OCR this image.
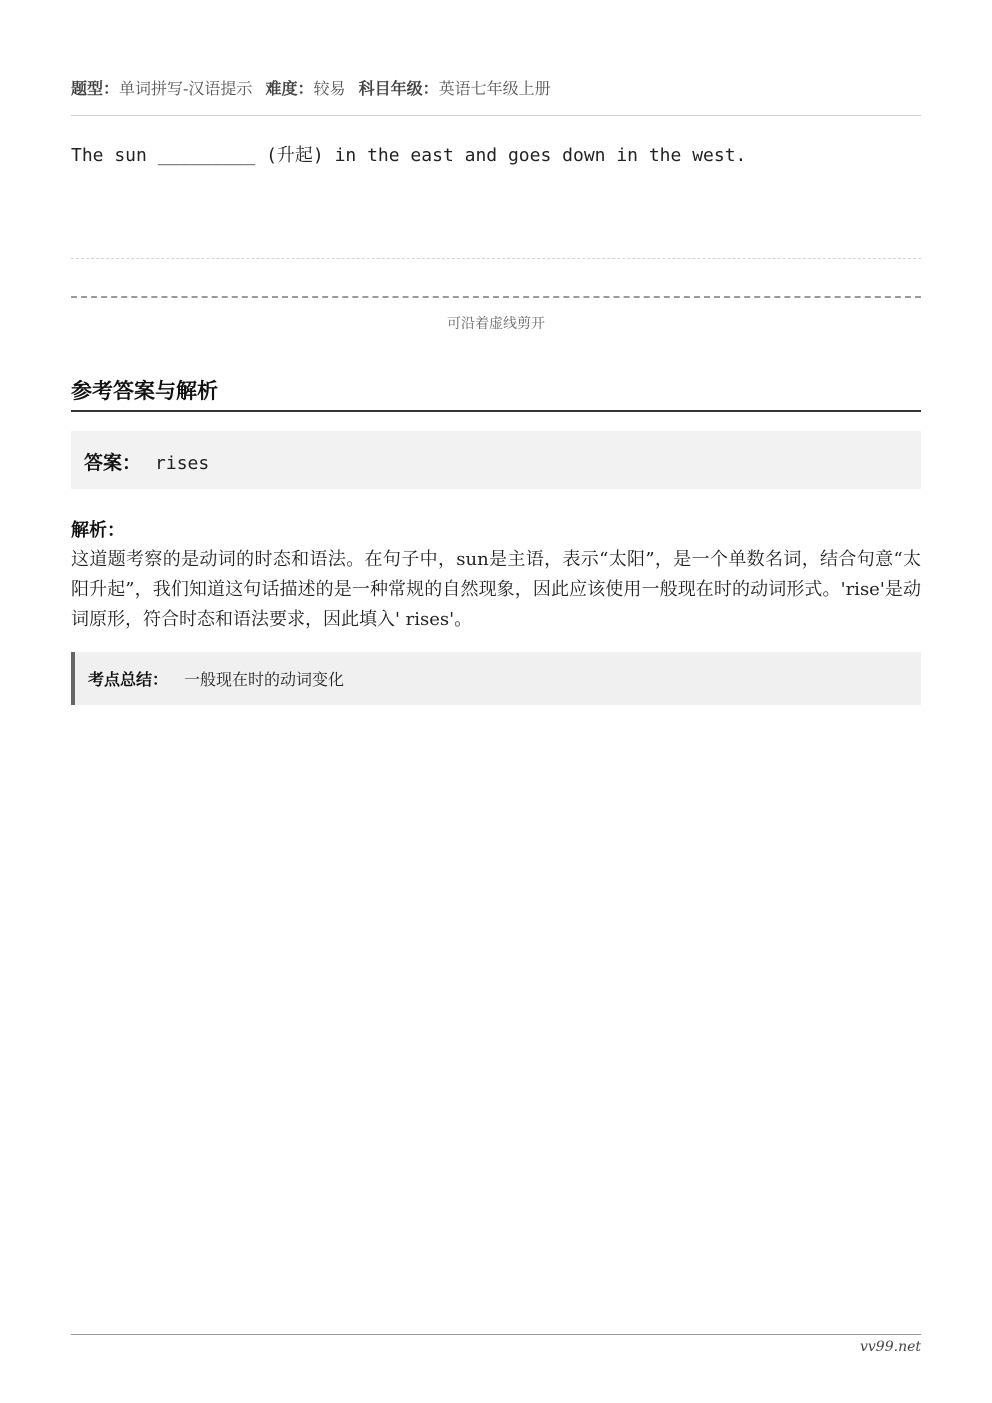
题型：单词拼写-汉语提示 难度：较易 科目年级：英语七年级上册
The sun _________ (升起) in the east and goes down in the west.
可沿着虚线剪开
参考答案与解析
答案： rises
解析：
这道题考察的是动词的时态和语法。在句子中，sun是主语，表示“太阳”，是一个单数名词，结合句意“太阳升起”，我们知道这句话描述的是一种常规的自然现象，因此应该使用一般现在时的动词形式。'rise'是动词原形，符合时态和语法要求，因此填入' rises'。
考点总结： 一般现在时的动词变化
vv99.net
